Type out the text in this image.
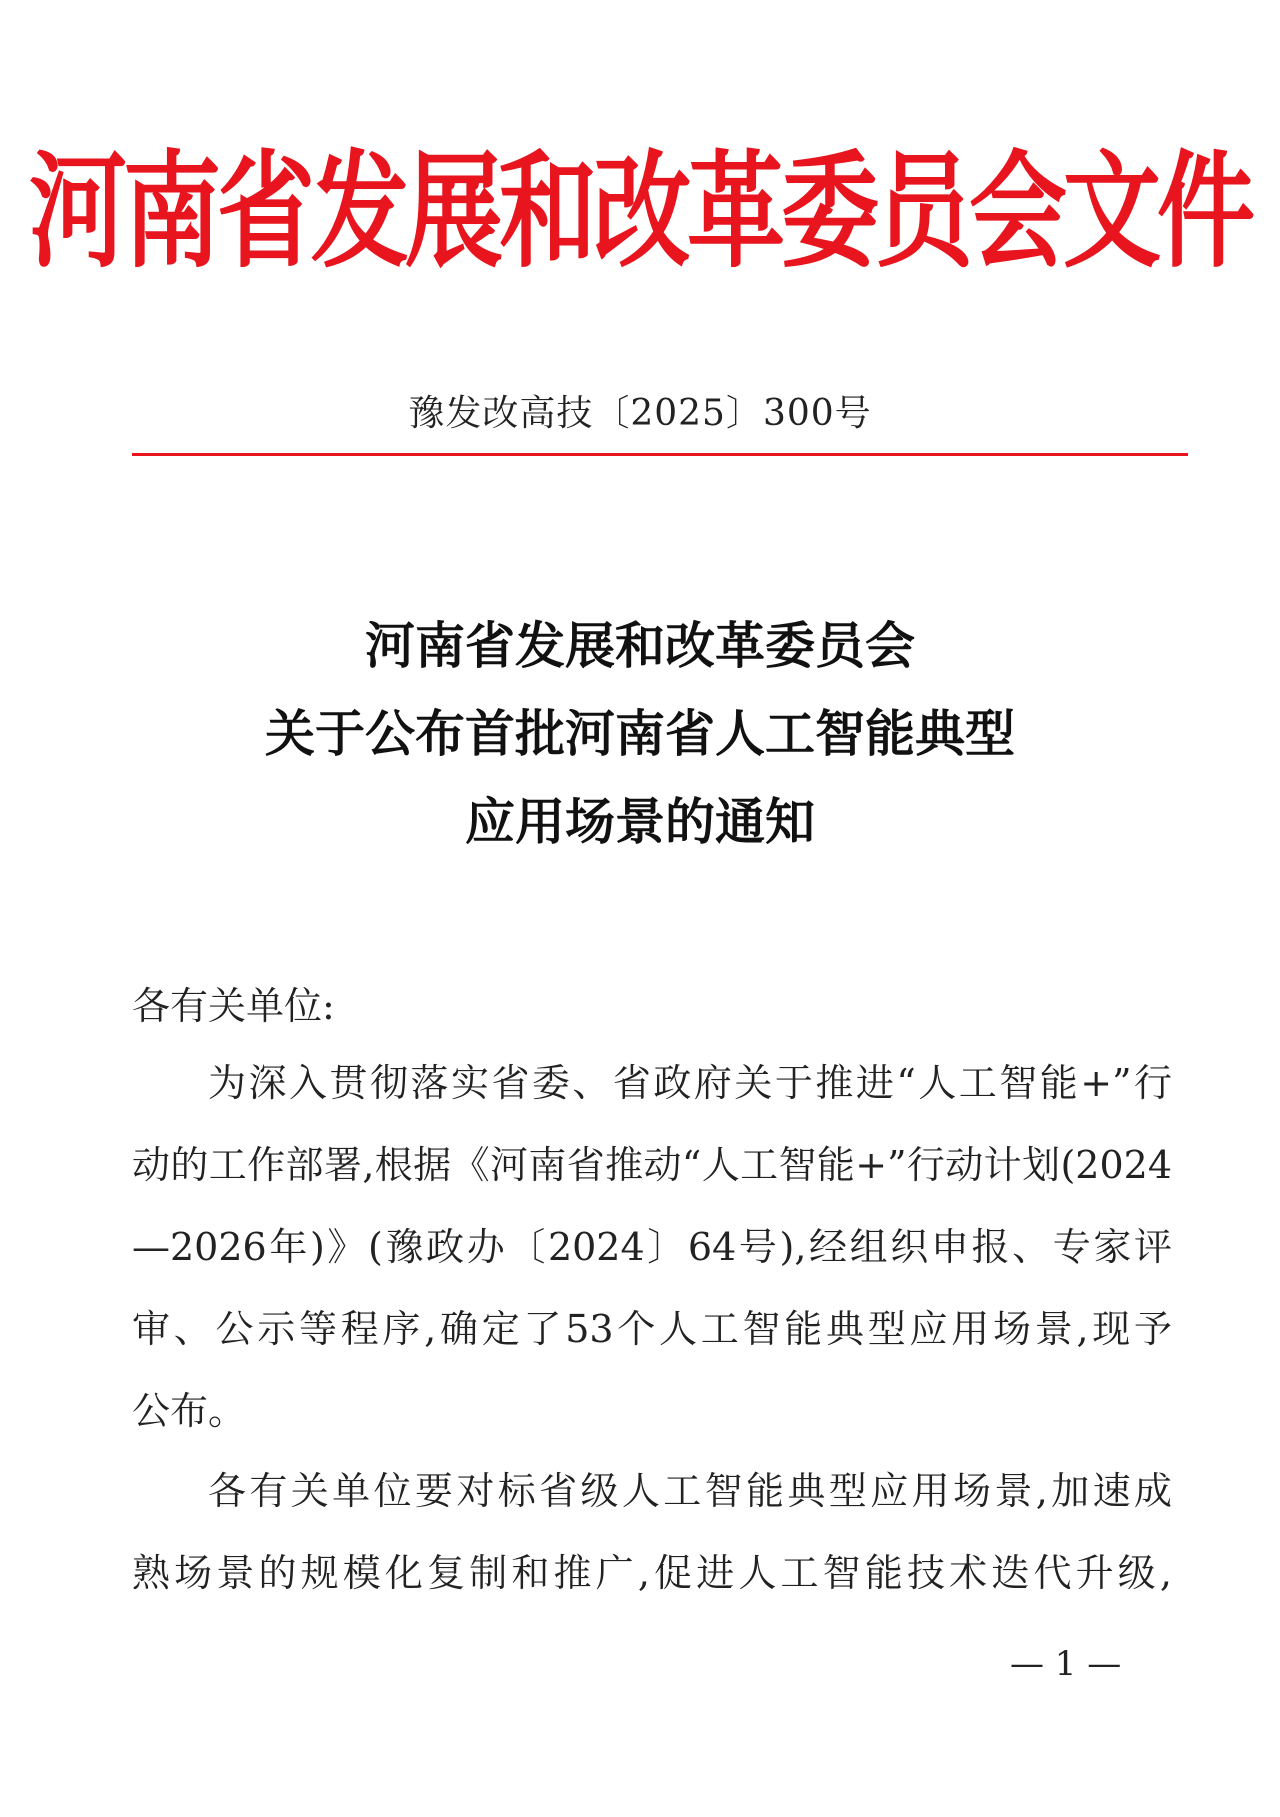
河南省发展和改革委员会文件
豫发改高技〔2025〕300号
河南省发展和改革委员会
关于公布首批河南省人工智能典型
应用场景的通知
各有关单位:
为深入贯彻落实省委、省政府关于推进“人工智能+”行
动的工作部署,根据《河南省推动“人工智能+”行动计划(2024
—2026年)》(豫政办〔2024〕64号),经组织申报、专家评
审、公示等程序,确定了53个人工智能典型应用场景,现予
公布。
各有关单位要对标省级人工智能典型应用场景,加速成
熟场景的规模化复制和推广,促进人工智能技术迭代升级,
— 1 —
